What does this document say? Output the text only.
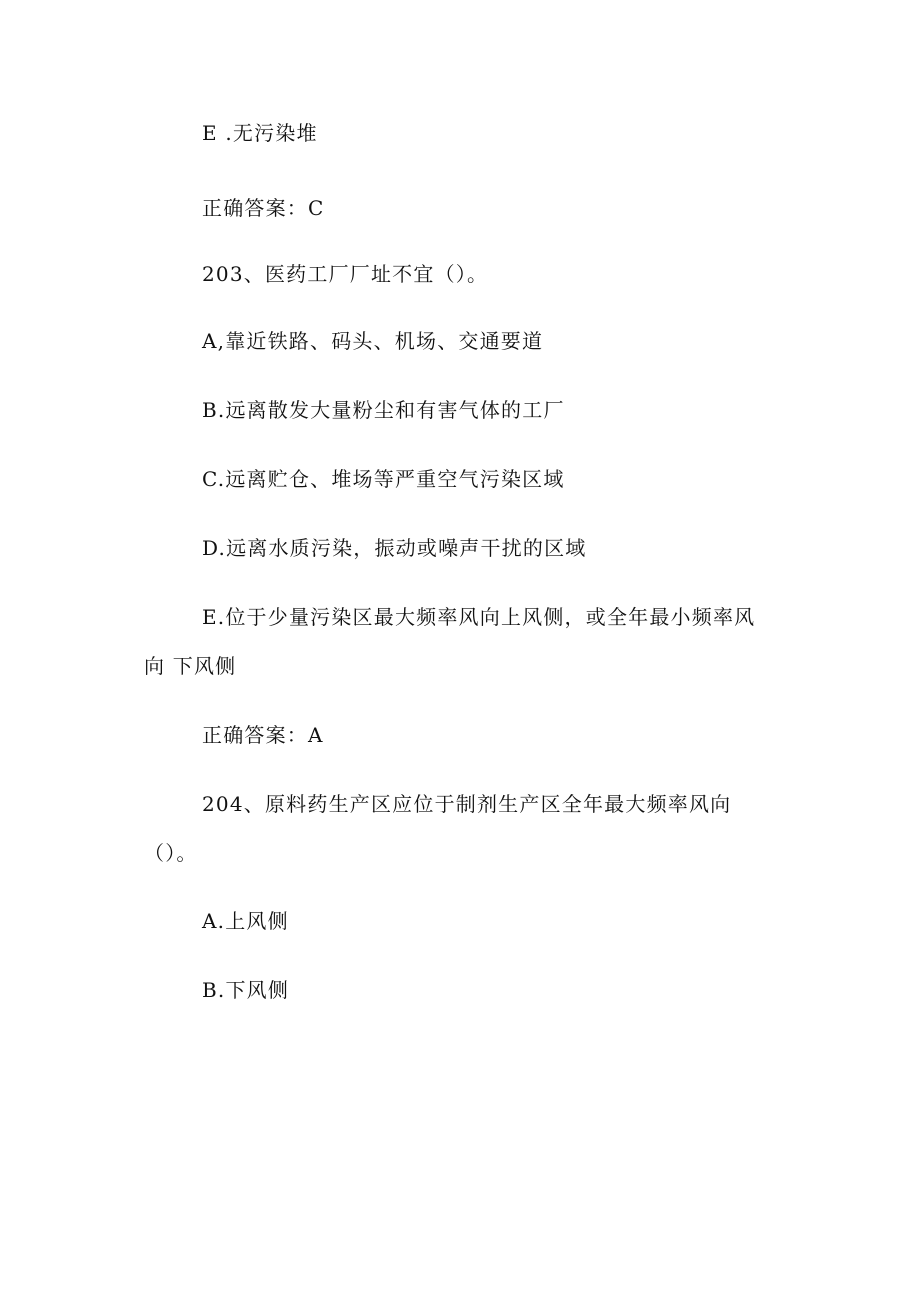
E .无污染堆
正确答案：C
203、医药工厂厂址不宜（）。
A,靠近铁路、码头、机场、交通要道
B.远离散发大量粉尘和有害气体的工厂
C.远离贮仓、堆场等严重空气污染区域
D.远离水质污染，振动或噪声干扰的区域
E.位于少量污染区最大频率风向上风侧，或全年最小频率风
向 下风侧
正确答案：A
204、原料药生产区应位于制剂生产区全年最大频率风向
（）。
A.上风侧
B.下风侧
